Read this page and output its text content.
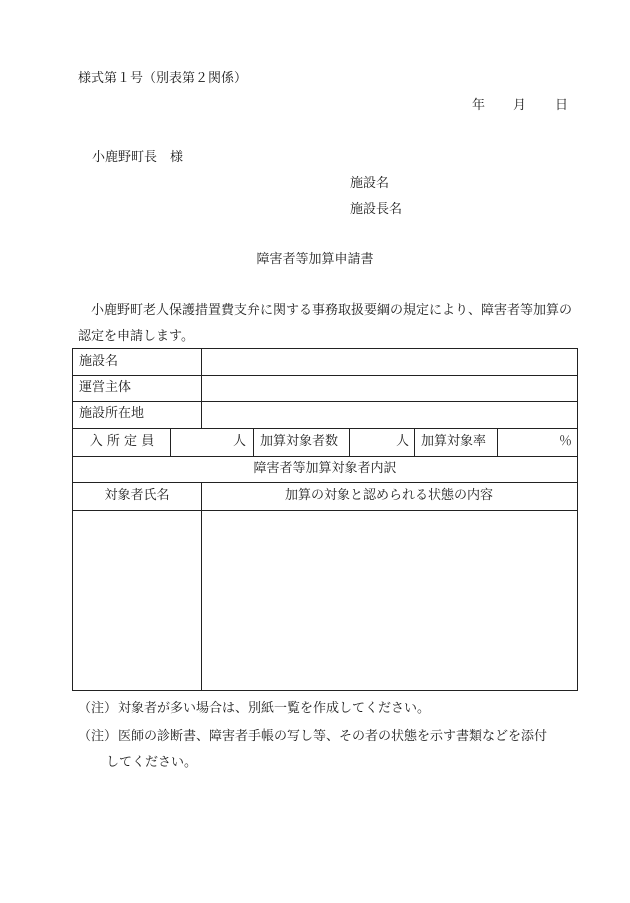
様式第１号（別表第２関係）
年 月 日
小鹿野町長　様
施設名
施設長名
障害者等加算申請書
小鹿野町老人保護措置費支弁に関する事務取扱要綱の規定により、障害者等加算の認定を申請します。
施設名
運営主体
施設所在地
入 所 定 員	人 加算対象者数	人 加算対象率	％
障害者等加算対象者内訳
対象者氏名	加算の対象と認められる状態の内容
（注）対象者が多い場合は、別紙一覧を作成してください。
（注）医師の診断書、障害者手帳の写し等、その者の状態を示す書類などを添付
してください。
